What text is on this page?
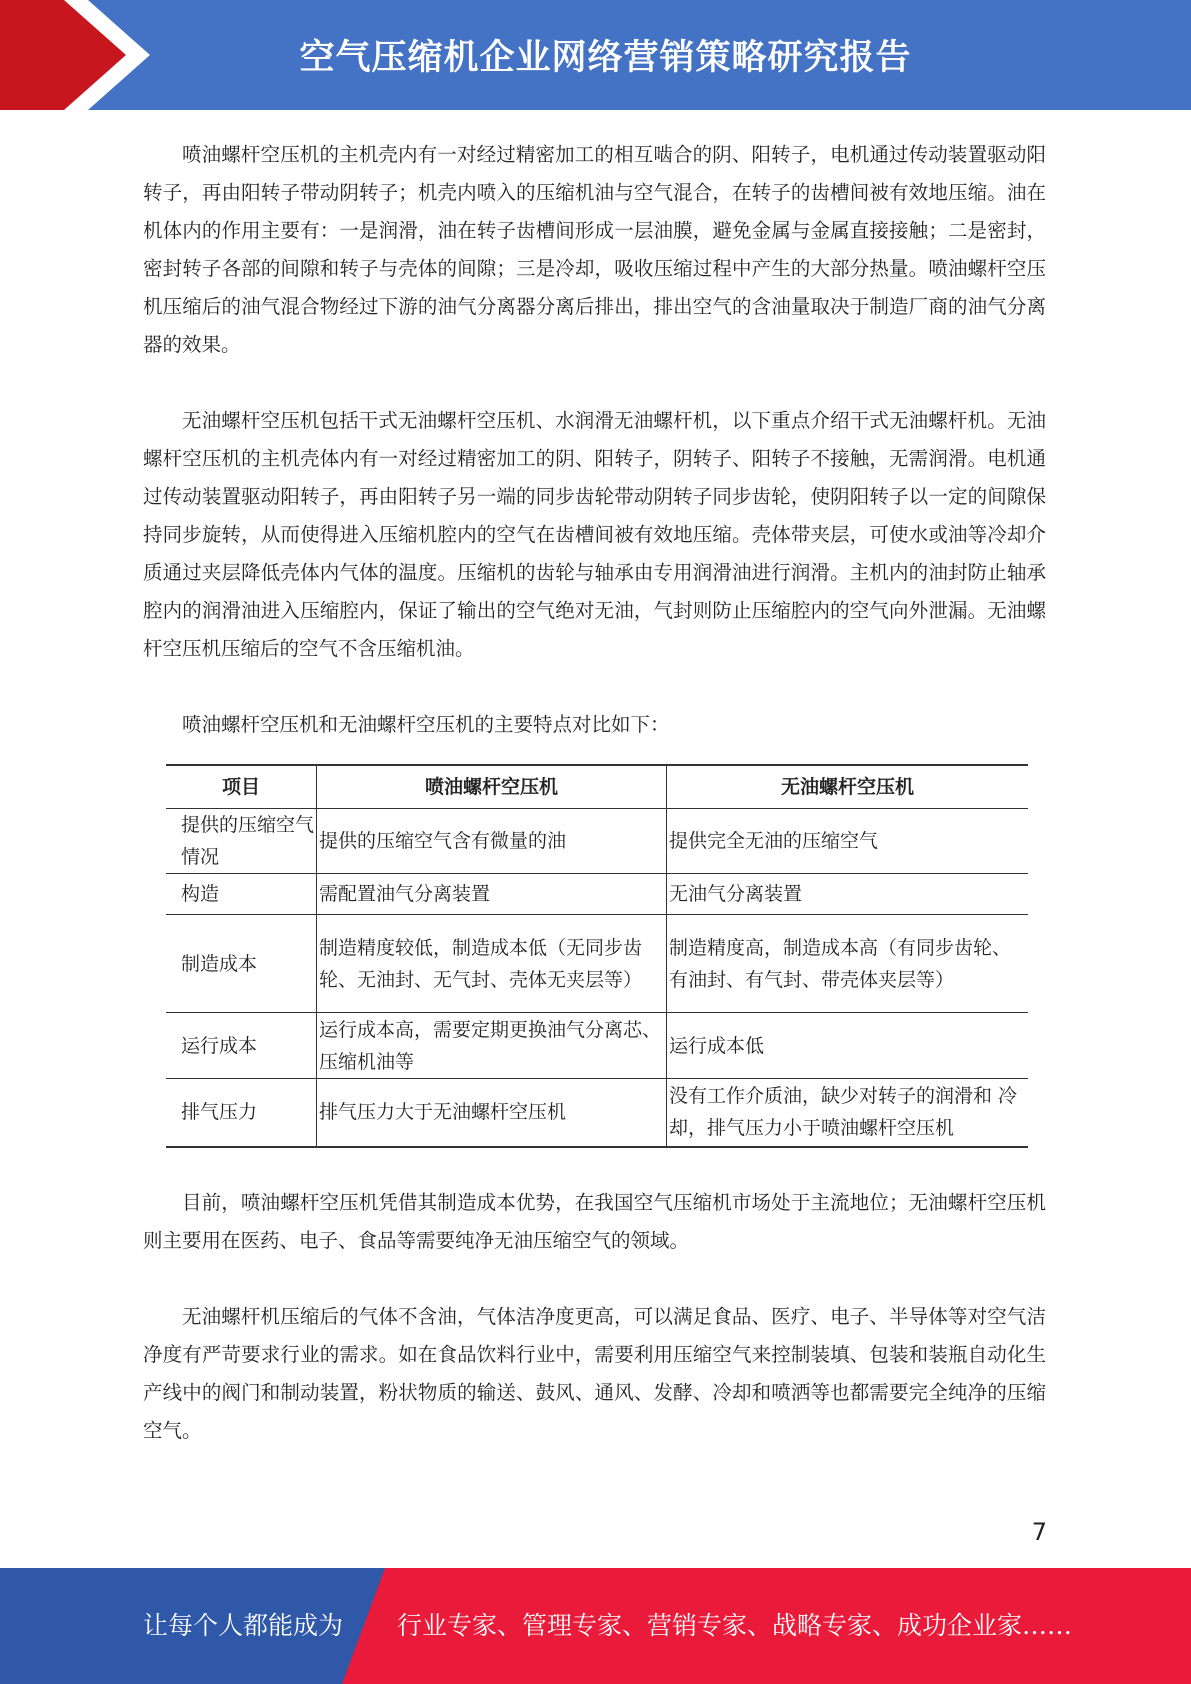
空气压缩机企业网络营销策略研究报告

喷油螺杆空压机的主机壳内有一对经过精密加工的相互啮合的阴、阳转子，电机通过传动装置驱动阳转子，再由阳转子带动阴转子；机壳内喷入的压缩机油与空气混合，在转子的齿槽间被有效地压缩。油在机体内的作用主要有：一是润滑，油在转子齿槽间形成一层油膜，避免金属与金属直接接触；二是密封，密封转子各部的间隙和转子与壳体的间隙；三是冷却，吸收压缩过程中产生的大部分热量。喷油螺杆空压机压缩后的油气混合物经过下游的油气分离器分离后排出，排出空气的含油量取决于制造厂商的油气分离器的效果。

无油螺杆空压机包括干式无油螺杆空压机、水润滑无油螺杆机，以下重点介绍干式无油螺杆机。无油螺杆空压机的主机壳体内有一对经过精密加工的阴、阳转子，阴转子、阳转子不接触，无需润滑。电机通过传动装置驱动阳转子，再由阳转子另一端的同步齿轮带动阴转子同步齿轮，使阴阳转子以一定的间隙保持同步旋转，从而使得进入压缩机腔内的空气在齿槽间被有效地压缩。壳体带夹层，可使水或油等冷却介质通过夹层降低壳体内气体的温度。压缩机的齿轮与轴承由专用润滑油进行润滑。主机内的油封防止轴承腔内的润滑油进入压缩腔内，保证了输出的空气绝对无油，气封则防止压缩腔内的空气向外泄漏。无油螺杆空压机压缩后的空气不含压缩机油。

喷油螺杆空压机和无油螺杆空压机的主要特点对比如下：

项目	喷油螺杆空压机	无油螺杆空压机
提供的压缩空气情况	提供的压缩空气含有微量的油	提供完全无油的压缩空气
构造	需配置油气分离装置	无油气分离装置
制造成本	制造精度较低，制造成本低（无同步齿轮、无油封、无气封、壳体无夹层等）	制造精度高，制造成本高（有同步齿轮、有油封、有气封、带壳体夹层等）
运行成本	运行成本高，需要定期更换油气分离芯、压缩机油等	运行成本低
排气压力	排气压力大于无油螺杆空压机	没有工作介质油，缺少对转子的润滑和 冷却，排气压力小于喷油螺杆空压机

目前，喷油螺杆空压机凭借其制造成本优势，在我国空气压缩机市场处于主流地位；无油螺杆空压机则主要用在医药、电子、食品等需要纯净无油压缩空气的领域。

无油螺杆机压缩后的气体不含油，气体洁净度更高，可以满足食品、医疗、电子、半导体等对空气洁净度有严苛要求行业的需求。如在食品饮料行业中，需要利用压缩空气来控制装填、包装和装瓶自动化生产线中的阀门和制动装置，粉状物质的输送、鼓风、通风、发酵、冷却和喷洒等也都需要完全纯净的压缩空气。

7
让每个人都能成为 行业专家、管理专家、营销专家、战略专家、成功企业家……
